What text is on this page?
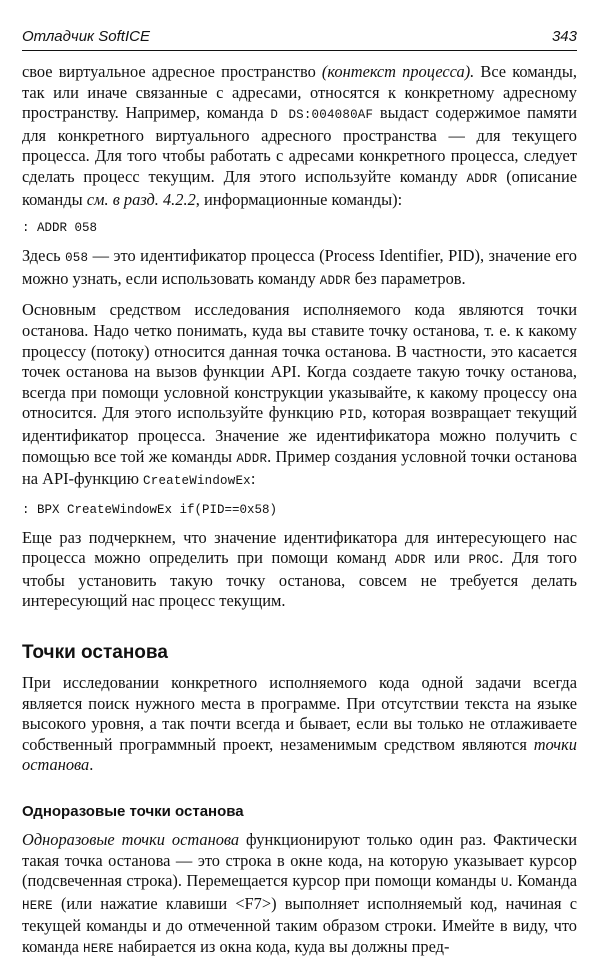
Отладчик SoftICE	343

свое виртуальное адресное пространство (контекст процесса). Все команды, так или иначе связанные с адресами, относятся к конкретному адресному пространству. Например, команда D DS:004080AF выдаст содержимое памяти для конкретного виртуального адресного пространства — для текущего процесса. Для того чтобы работать с адресами конкретного процесса, следует сделать процесс текущим. Для этого используйте команду ADDR (описание команды см. в разд. 4.2.2, информационные команды):

: ADDR 058

Здесь 058 — это идентификатор процесса (Process Identifier, PID), значение его можно узнать, если использовать команду ADDR без параметров.

Основным средством исследования исполняемого кода являются точки останова. Надо четко понимать, куда вы ставите точку останова, т. е. к какому процессу (потоку) относится данная точка останова. В частности, это касается точек останова на вызов функции API. Когда создаете такую точку останова, всегда при помощи условной конструкции указывайте, к какому процессу она относится. Для этого используйте функцию PID, которая возвращает текущий идентификатор процесса. Значение же идентификатора можно получить с помощью все той же команды ADDR. Пример создания условной точки останова на API-функцию CreateWindowEx:

: BPX CreateWindowEx if(PID==0x58)

Еще раз подчеркнем, что значение идентификатора для интересующего нас процесса можно определить при помощи команд ADDR или PROC. Для того чтобы установить такую точку останова, совсем не требуется делать интересующий нас процесс текущим.

Точки останова

При исследовании конкретного исполняемого кода одной задачи всегда является поиск нужного места в программе. При отсутствии текста на языке высокого уровня, а так почти всегда и бывает, если вы только не отлаживаете собственный программный проект, незаменимым средством являются точки останова.

Одноразовые точки останова

Одноразовые точки останова функционируют только один раз. Фактически такая точка останова — это строка в окне кода, на которую указывает курсор (подсвеченная строка). Перемещается курсор при помощи команды U. Команда HERE (или нажатие клавиши <F7>) выполняет исполняемый код, начиная с текущей команды и до отмеченной таким образом строки. Имейте в виду, что команда HERE набирается из окна кода, куда вы должны пред-
